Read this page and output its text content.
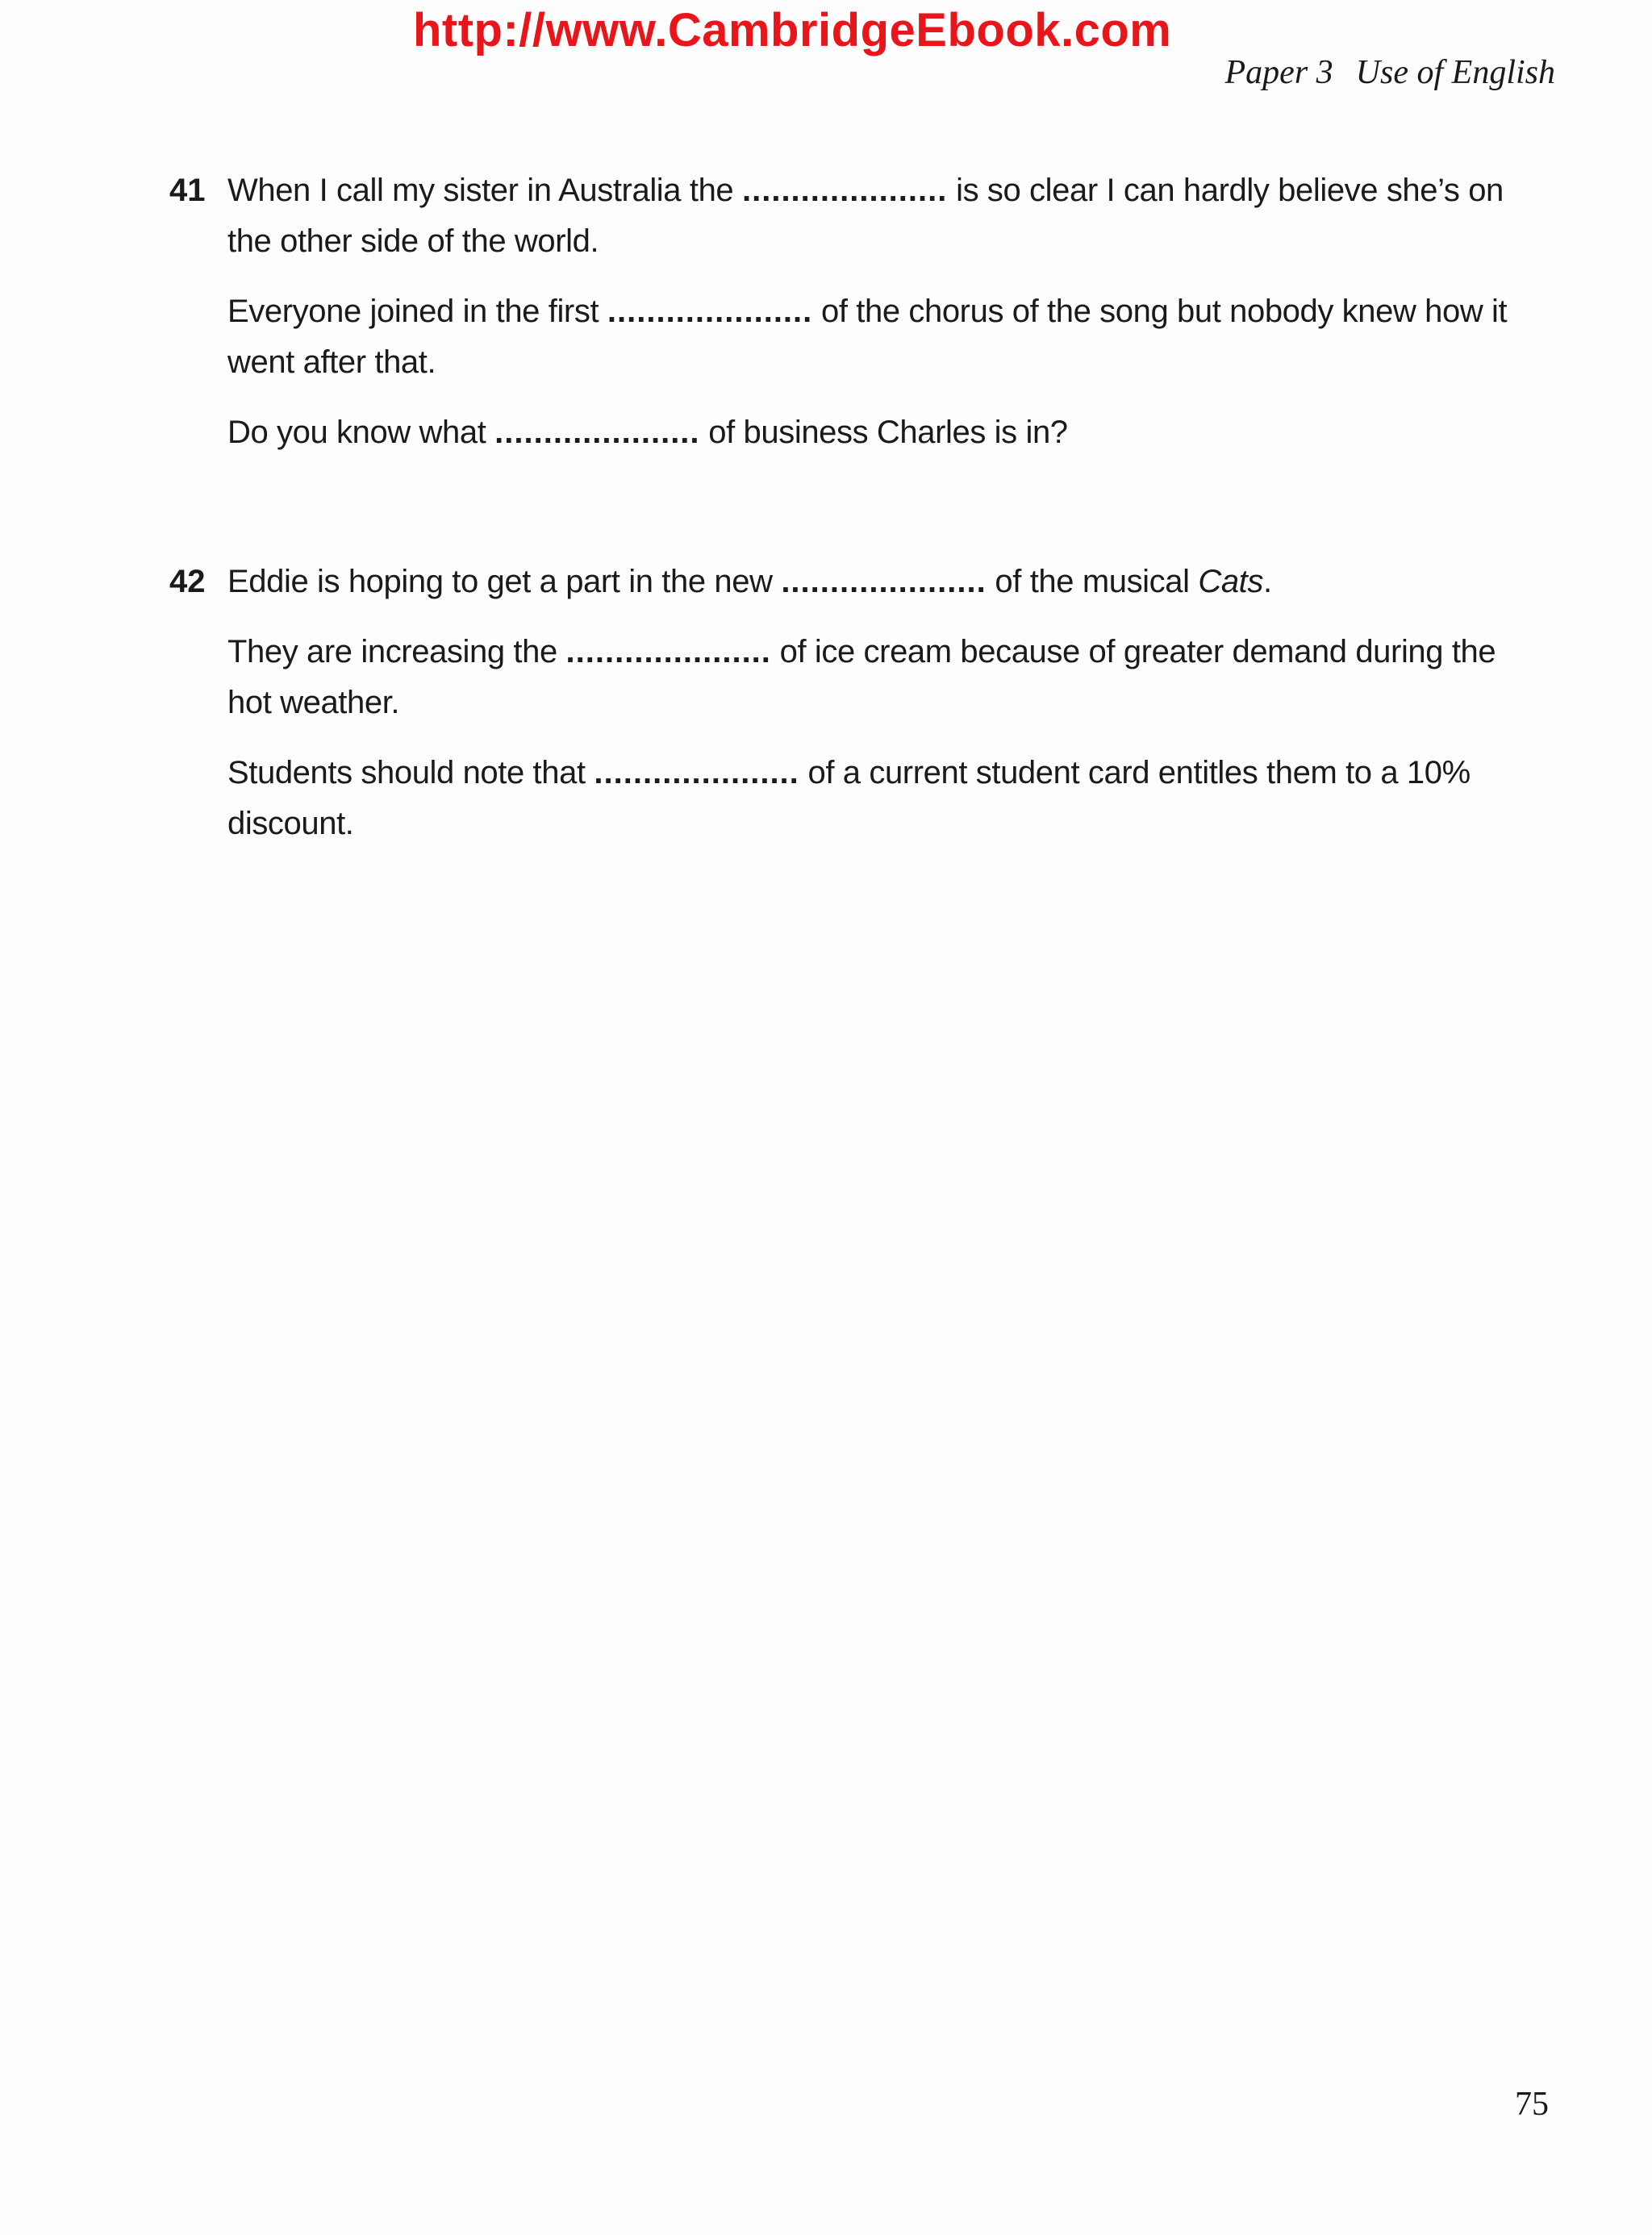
http://www.CambridgeEbook.com
Paper 3 Use of English
41 When I call my sister in Australia the ..................... is so clear I can hardly believe she’s on the other side of the world.
Everyone joined in the first ..................... of the chorus of the song but nobody knew how it went after that.
Do you know what ..................... of business Charles is in?
42 Eddie is hoping to get a part in the new ..................... of the musical Cats.
They are increasing the ..................... of ice cream because of greater demand during the hot weather.
Students should note that ..................... of a current student card entitles them to a 10% discount.
75
